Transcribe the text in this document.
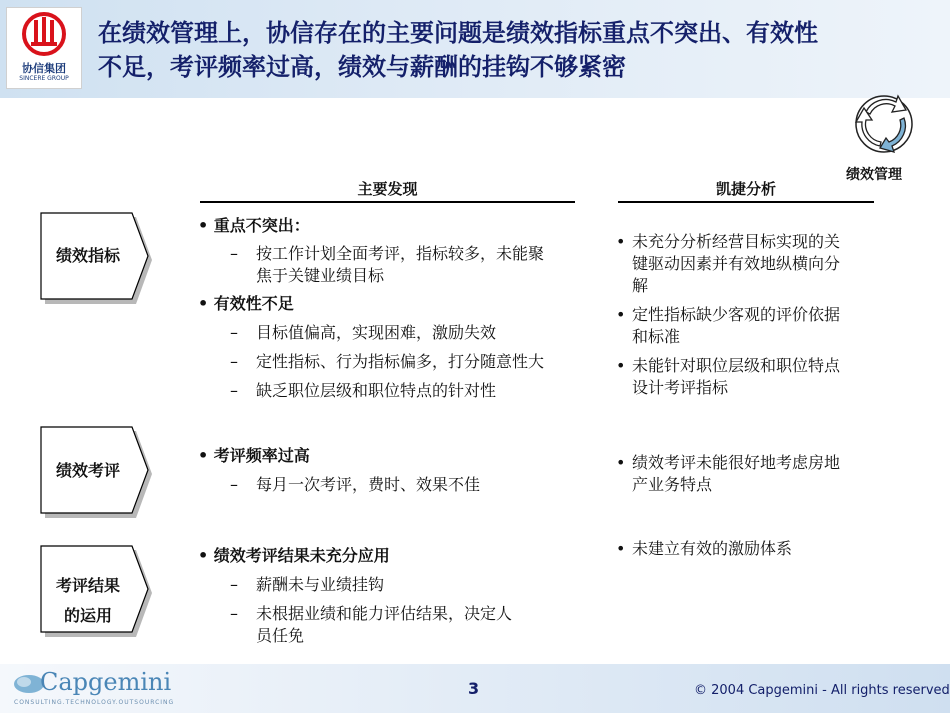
协信集团
SINCERE GROUP
在绩效管理上，协信存在的主要问题是绩效指标重点不突出、有效性
不足，考评频率过高，绩效与薪酬的挂钩不够紧密
绩效管理
主要发现	凯捷分析
绩效指标
绩效考评
考评结果
的运用
• 重点不突出：
– 按工作计划全面考评，指标较多，未能聚
焦于关键业绩目标
• 有效性不足
– 目标值偏高，实现困难，激励失效
– 定性指标、行为指标偏多，打分随意性大
– 缺乏职位层级和职位特点的针对性
• 未充分分析经营目标实现的关
键驱动因素并有效地纵横向分
解
• 定性指标缺少客观的评价依据
和标准
• 未能针对职位层级和职位特点
设计考评指标
• 考评频率过高
– 每月一次考评，费时、效果不佳
• 绩效考评未能很好地考虑房地
产业务特点
• 绩效考评结果未充分应用
– 薪酬未与业绩挂钩
– 未根据业绩和能力评估结果，决定人
员任免
• 未建立有效的激励体系
Capgemini
CONSULTING.TECHNOLOGY.OUTSOURCING
3	© 2004 Capgemini - All rights reserved
